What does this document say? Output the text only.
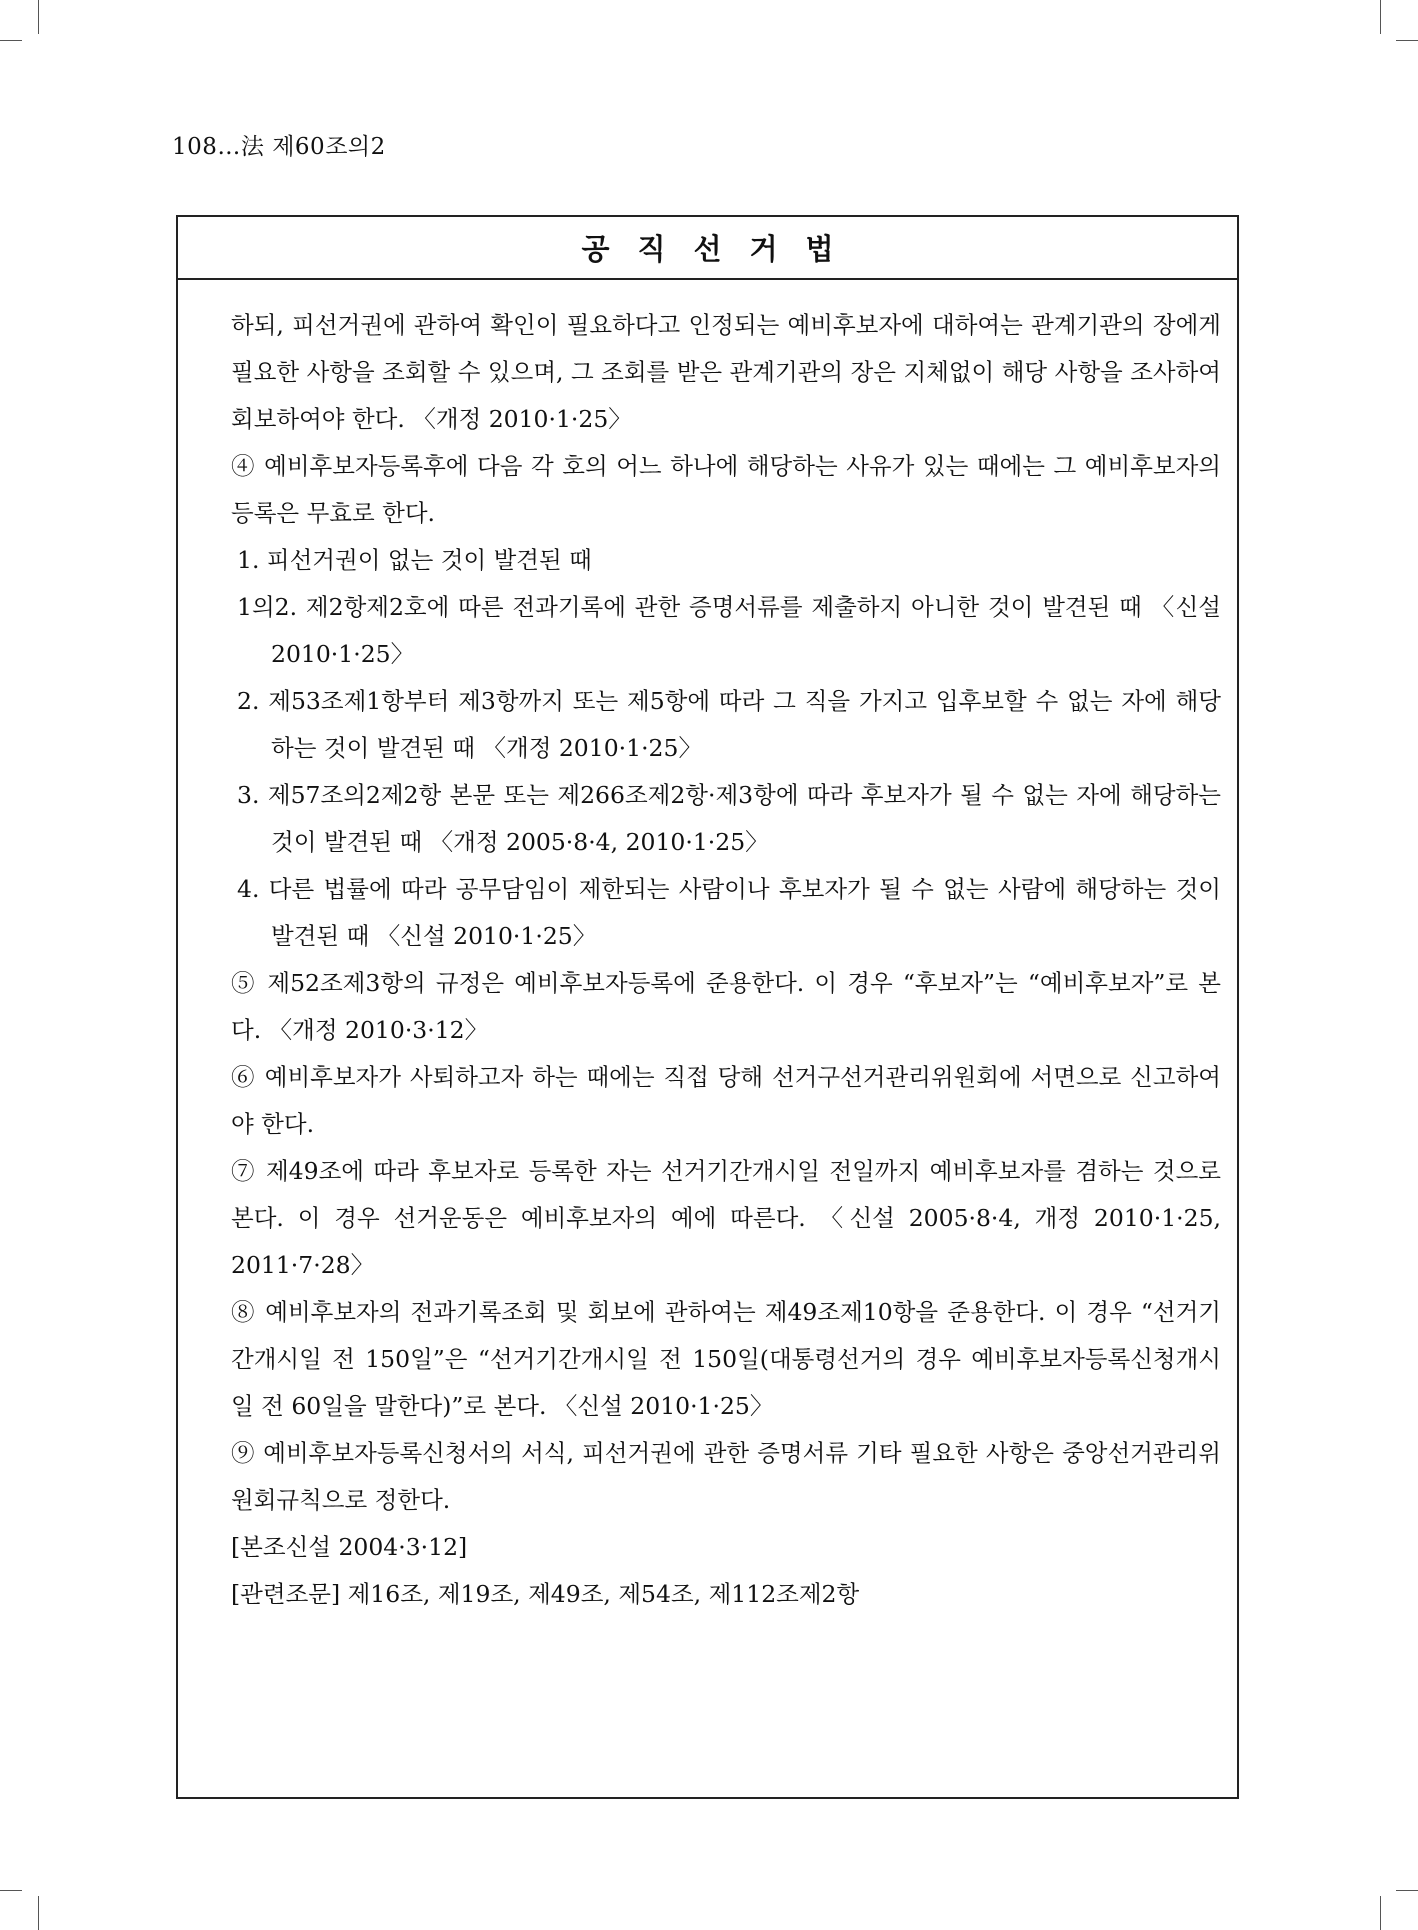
108…法 제60조의2
공직선거법

하되, 피선거권에 관하여 확인이 필요하다고 인정되는 예비후보자에 대하여는 관계기관의 장에게 필요한 사항을 조회할 수 있으며, 그 조회를 받은 관계기관의 장은 지체없이 해당 사항을 조사하여 회보하여야 한다. 〈개정 2010·1·25〉

④ 예비후보자등록후에 다음 각 호의 어느 하나에 해당하는 사유가 있는 때에는 그 예비후보자의 등록은 무효로 한다.

1. 피선거권이 없는 것이 발견된 때

1의2. 제2항제2호에 따른 전과기록에 관한 증명서류를 제출하지 아니한 것이 발견된 때 〈신설 2010·1·25〉

2. 제53조제1항부터 제3항까지 또는 제5항에 따라 그 직을 가지고 입후보할 수 없는 자에 해당하는 것이 발견된 때 〈개정 2010·1·25〉

3. 제57조의2제2항 본문 또는 제266조제2항·제3항에 따라 후보자가 될 수 없는 자에 해당하는 것이 발견된 때 〈개정 2005·8·4, 2010·1·25〉

4. 다른 법률에 따라 공무담임이 제한되는 사람이나 후보자가 될 수 없는 사람에 해당하는 것이 발견된 때 〈신설 2010·1·25〉

⑤ 제52조제3항의 규정은 예비후보자등록에 준용한다. 이 경우 “후보자”는 “예비후보자”로 본다. 〈개정 2010·3·12〉

⑥ 예비후보자가 사퇴하고자 하는 때에는 직접 당해 선거구선거관리위원회에 서면으로 신고하여야 한다.

⑦ 제49조에 따라 후보자로 등록한 자는 선거기간개시일 전일까지 예비후보자를 겸하는 것으로 본다. 이 경우 선거운동은 예비후보자의 예에 따른다. 〈신설 2005·8·4, 개정 2010·1·25, 2011·7·28〉

⑧ 예비후보자의 전과기록조회 및 회보에 관하여는 제49조제10항을 준용한다. 이 경우 “선거기간개시일 전 150일”은 “선거기간개시일 전 150일(대통령선거의 경우 예비후보자등록신청개시일 전 60일을 말한다)”로 본다. 〈신설 2010·1·25〉

⑨ 예비후보자등록신청서의 서식, 피선거권에 관한 증명서류 기타 필요한 사항은 중앙선거관리위원회규칙으로 정한다.

[본조신설 2004·3·12]

[관련조문] 제16조, 제19조, 제49조, 제54조, 제112조제2항
